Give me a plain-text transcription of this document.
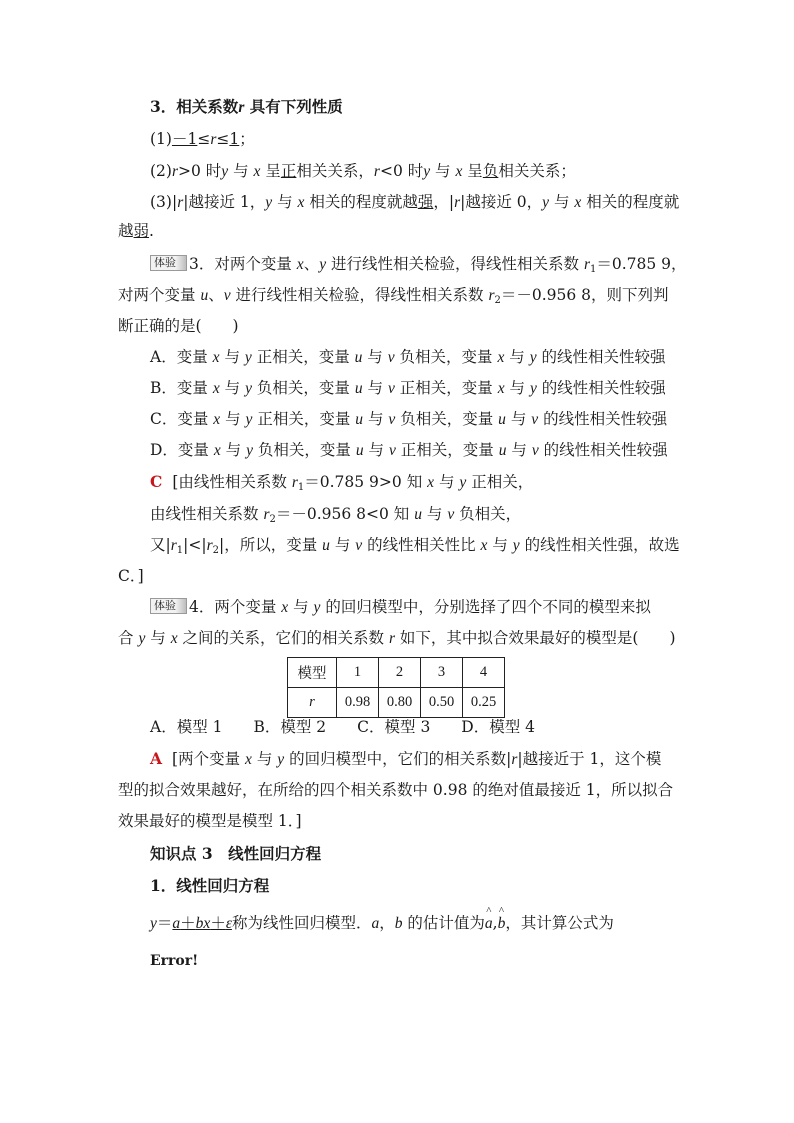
3．相关系数r 具有下列性质
(1)－1≤r≤1；
(2)r>0 时y 与 x 呈正相关关系，r<0 时y 与 x 呈负相关关系；
(3)|r|越接近 1，y 与 x 相关的程度就越强，|r|越接近 0，y 与 x 相关的程度就
越弱.
体验 3．对两个变量 x、y 进行线性相关检验，得线性相关系数 $r_1=0.785$ 9，
对两个变量 u、v 进行线性相关检验，得线性相关系数 $r_2=-0.956$ 8，则下列判
断正确的是(　　)
A．变量 x 与 y 正相关，变量 u 与 v 负相关，变量 x 与 y 的线性相关性较强
B．变量 x 与 y 负相关，变量 u 与 v 正相关，变量 x 与 y 的线性相关性较强
C．变量 x 与 y 正相关，变量 u 与 v 负相关，变量 u 与 v 的线性相关性较强
D．变量 x 与 y 负相关，变量 u 与 v 正相关，变量 u 与 v 的线性相关性较强
C [由线性相关系数 $r_1=0.785$ 9>0 知 x 与 y 正相关，
由线性相关系数 $r_2=-0.956$ 8<0 知 u 与 v 负相关，
又$|r_1|<|r_2|$，所以，变量 u 与 v 的线性相关性比 x 与 y 的线性相关性强，故选
C．]
体验 4．两个变量 x 与 y 的回归模型中，分别选择了四个不同的模型来拟
合 y 与 x 之间的关系，它们的相关系数 r 如下，其中拟合效果最好的模型是(　　)
模型	1	2	3	4
r	0.98	0.80	0.50	0.25
A．模型 1　　B．模型 2　　C．模型 3　　D．模型 4
A [两个变量 x 与 y 的回归模型中，它们的相关系数|r|越接近于 1，这个模
型的拟合效果越好，在所给的四个相关系数中 0.98 的绝对值最接近 1，所以拟合
效果最好的模型是模型 1．]
知识点 3　线性回归方程
1．线性回归方程
y＝a＋bx＋ε称为线性回归模型．a，b 的估计值为^ a,^ b，其计算公式为
Error!
